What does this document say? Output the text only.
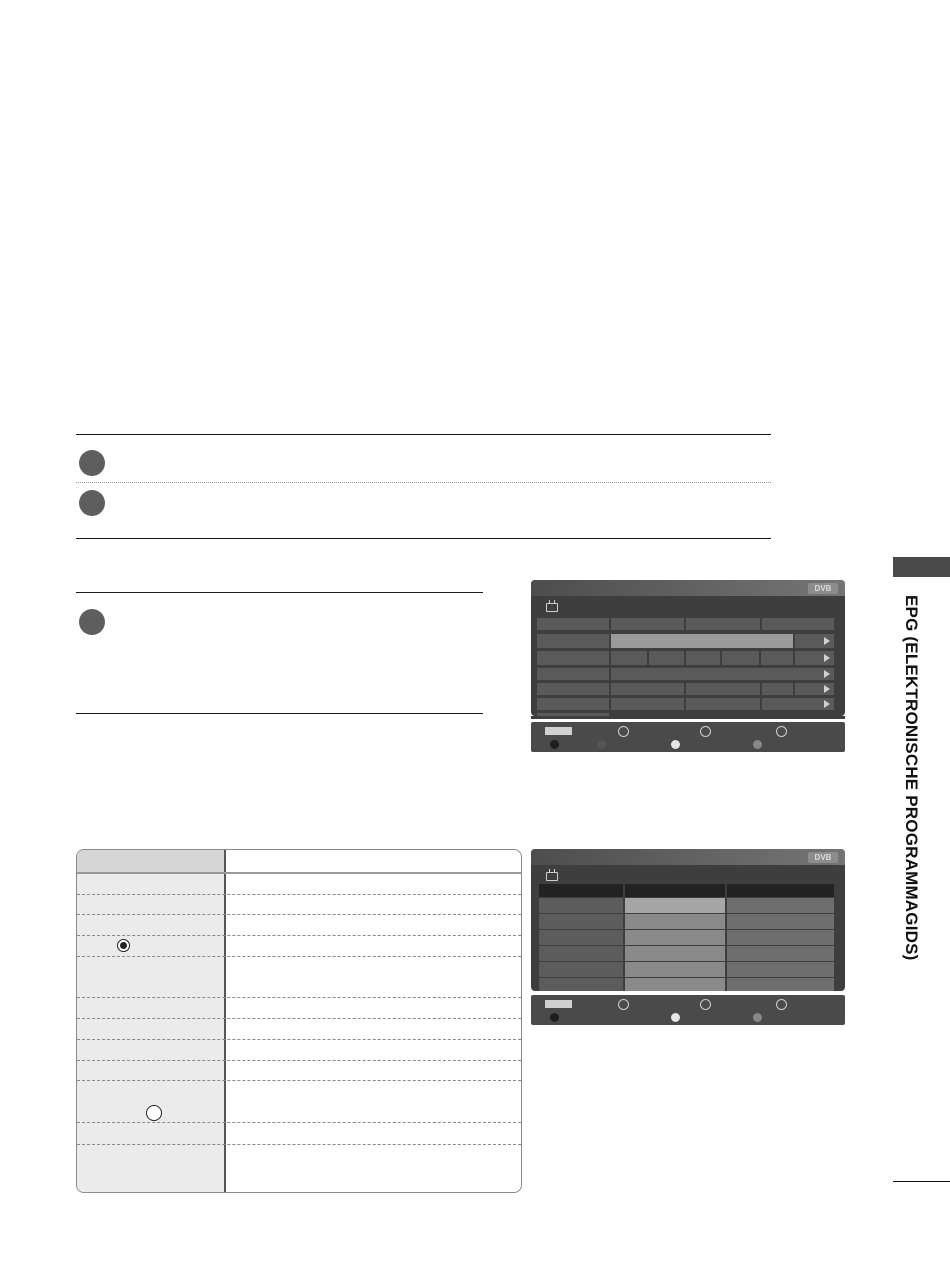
EPG (ELEKTRONISCHE PROGRAMMAGIDS)
DVB
DVB
